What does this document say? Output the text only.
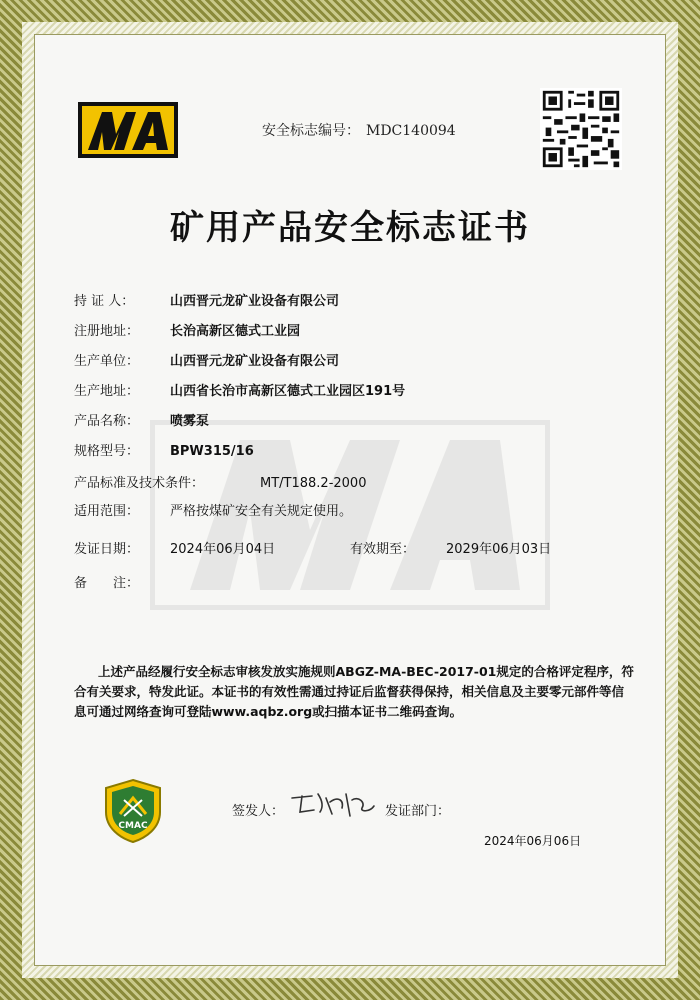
安全标志编号： MDC140094
矿用产品安全标志证书
持 证 人：	山西晋元龙矿业设备有限公司
注册地址： 长治高新区德式工业园
生产单位： 山西晋元龙矿业设备有限公司
生产地址： 山西省长治市高新区德式工业园区191号
产品名称： 喷雾泵
规格型号： BPW315/16
产品标准及技术条件：	MT/T188.2-2000
适用范围： 严格按煤矿安全有关规定使用。
发证日期： 2024年06月04日	有效期至： 2029年06月03日
备　　注：
上述产品经履行安全标志审核发放实施规则ABGZ-MA-BEC-2017-01规定的合格评定程序，符合有关要求，特发此证。本证书的有效性需通过持证后监督获得保持，相关信息及主要零元部件等信息可通过网络查询可登陆www.aqbz.org或扫描本证书二维码查询。
CMAC
签发人：	发证部门：
2024年06月06日
